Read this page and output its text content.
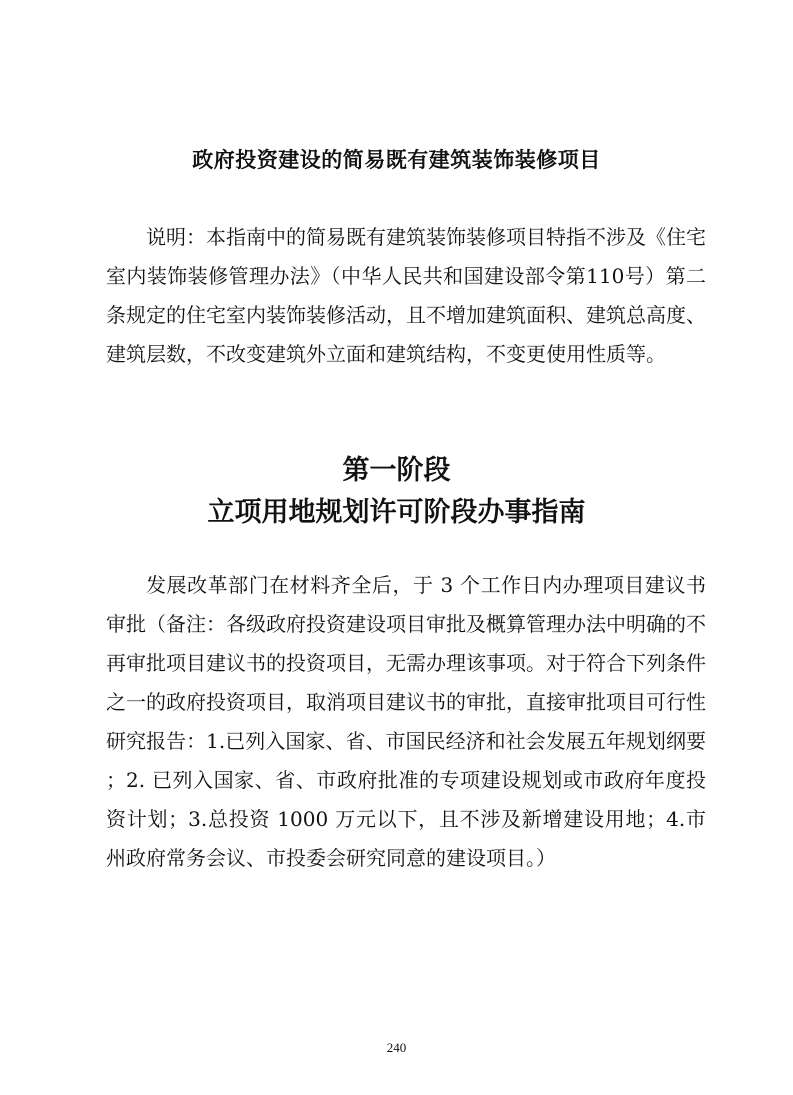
政府投资建设的简易既有建筑装饰装修项目

说明：本指南中的简易既有建筑装饰装修项目特指不涉及《住宅室内装饰装修管理办法》（中华人民共和国建设部令第110号）第二条规定的住宅室内装饰装修活动，且不增加建筑面积、建筑总高度、建筑层数，不改变建筑外立面和建筑结构，不变更使用性质等。

第一阶段
立项用地规划许可阶段办事指南

发展改革部门在材料齐全后，于 3 个工作日内办理项目建议书审批（备注：各级政府投资建设项目审批及概算管理办法中明确的不再审批项目建议书的投资项目，无需办理该事项。对于符合下列条件之一的政府投资项目，取消项目建议书的审批，直接审批项目可行性研究报告：1.已列入国家、省、市国民经济和社会发展五年规划纲要；2. 已列入国家、省、市政府批准的专项建设规划或市政府年度投资计划；3.总投资 1000 万元以下，且不涉及新增建设用地；4.市州政府常务会议、市投委会研究同意的建设项目。）

240
